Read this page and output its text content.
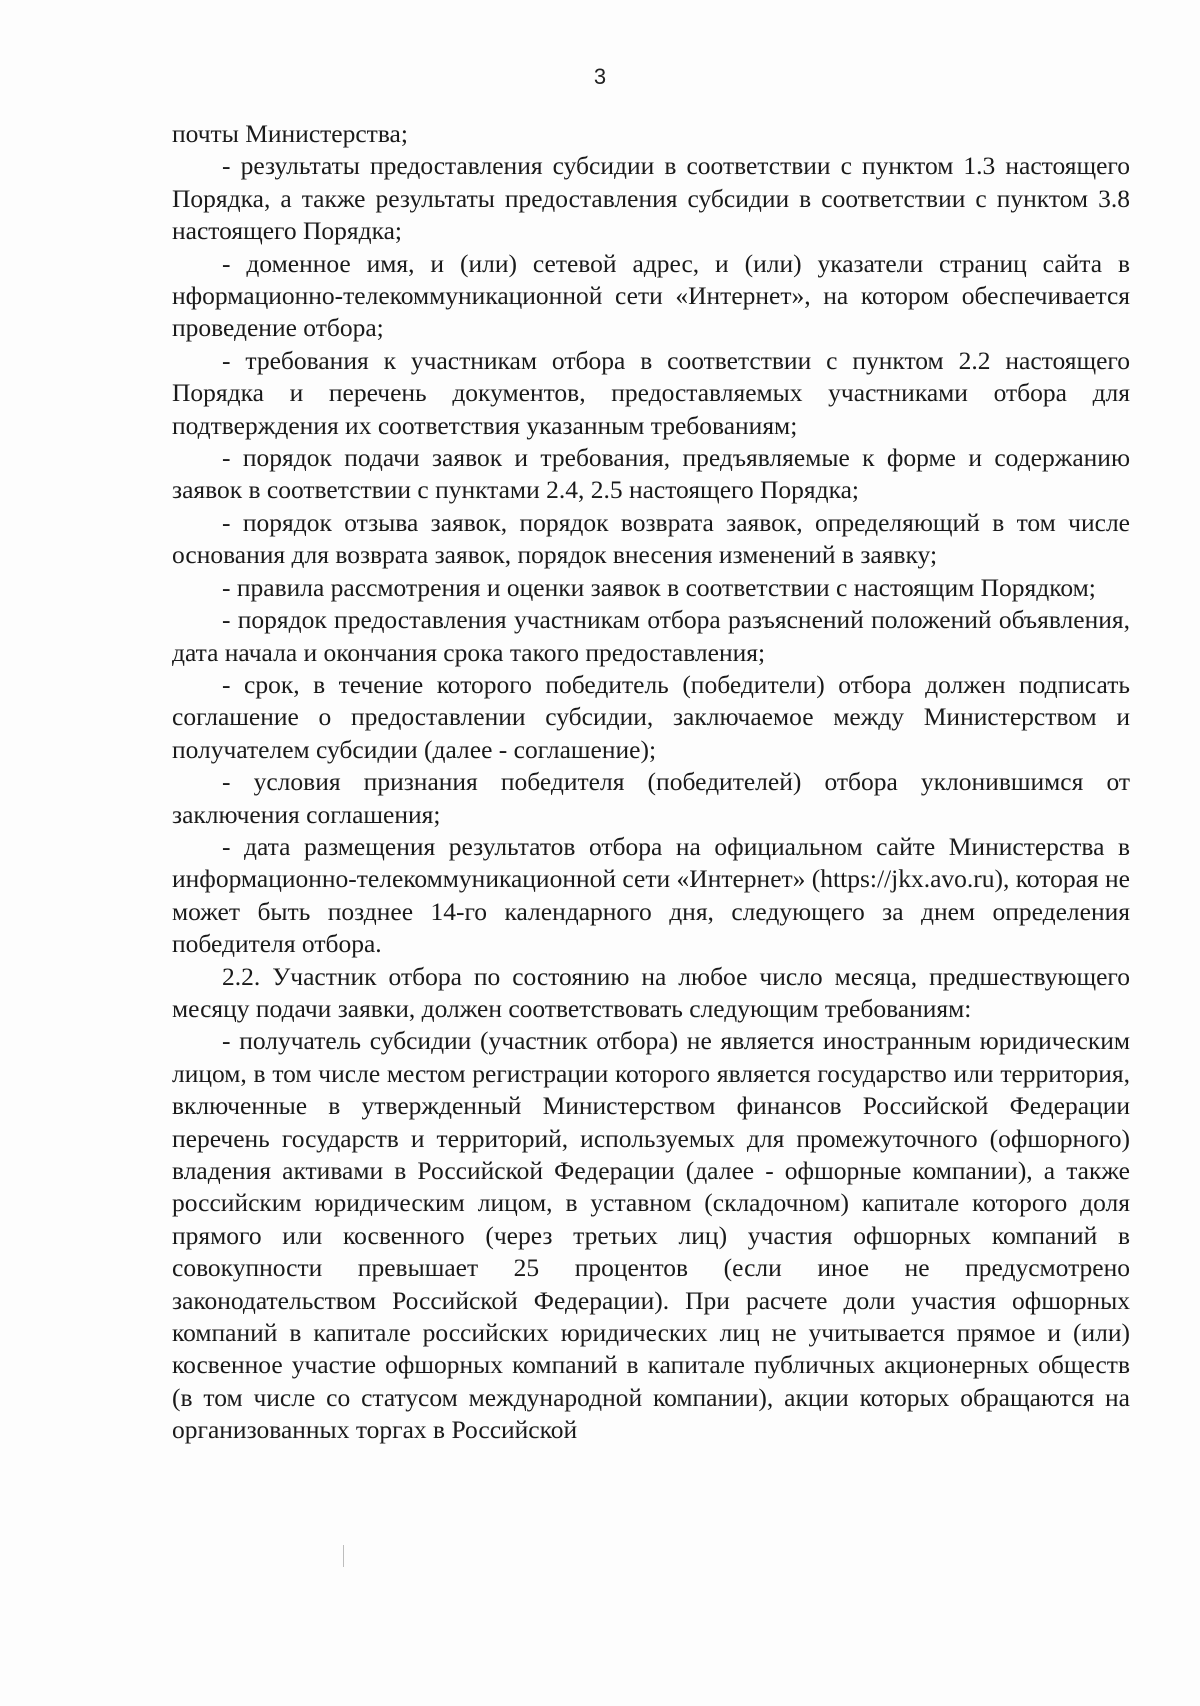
3

почты Министерства;

- результаты предоставления субсидии в соответствии с пунктом 1.3 настоящего Порядка, а также результаты предоставления субсидии в соответствии с пунктом 3.8 настоящего Порядка;

- доменное имя, и (или) сетевой адрес, и (или) указатели страниц сайта в нформационно-телекоммуникационной сети «Интернет», на котором обеспечивается проведение отбора;

- требования к участникам отбора в соответствии с пунктом 2.2 настоящего Порядка и перечень документов, предоставляемых участниками отбора для подтверждения их соответствия указанным требованиям;

- порядок подачи заявок и требования, предъявляемые к форме и содержанию заявок в соответствии с пунктами 2.4, 2.5 настоящего Порядка;

- порядок отзыва заявок, порядок возврата заявок, определяющий в том числе основания для возврата заявок, порядок внесения изменений в заявку;

- правила рассмотрения и оценки заявок в соответствии с настоящим Порядком;

- порядок предоставления участникам отбора разъяснений положений объявления, дата начала и окончания срока такого предоставления;

- срок, в течение которого победитель (победители) отбора должен подписать соглашение о предоставлении субсидии, заключаемое между Министерством и получателем субсидии (далее - соглашение);

- условия признания победителя (победителей) отбора уклонившимся от заключения соглашения;

- дата размещения результатов отбора на официальном сайте Министерства в информационно-телекоммуникационной сети «Интернет» (https://jkx.avo.ru), которая не может быть позднее 14-го календарного дня, следующего за днем определения победителя отбора.

2.2. Участник отбора по состоянию на любое число месяца, предшествующего месяцу подачи заявки, должен соответствовать следующим требованиям:

- получатель субсидии (участник отбора) не является иностранным юридическим лицом, в том числе местом регистрации которого является государство или территория, включенные в утвержденный Министерством финансов Российской Федерации перечень государств и территорий, используемых для промежуточного (офшорного) владения активами в Российской Федерации (далее - офшорные компании), а также российским юридическим лицом, в уставном (складочном) капитале которого доля прямого или косвенного (через третьих лиц) участия офшорных компаний в совокупности превышает 25 процентов (если иное не предусмотрено законодательством Российской Федерации). При расчете доли участия офшорных компаний в капитале российских юридических лиц не учитывается прямое и (или) косвенное участие офшорных компаний в капитале публичных акционерных обществ (в том числе со статусом международной компании), акции которых обращаются на организованных торгах в Российской
